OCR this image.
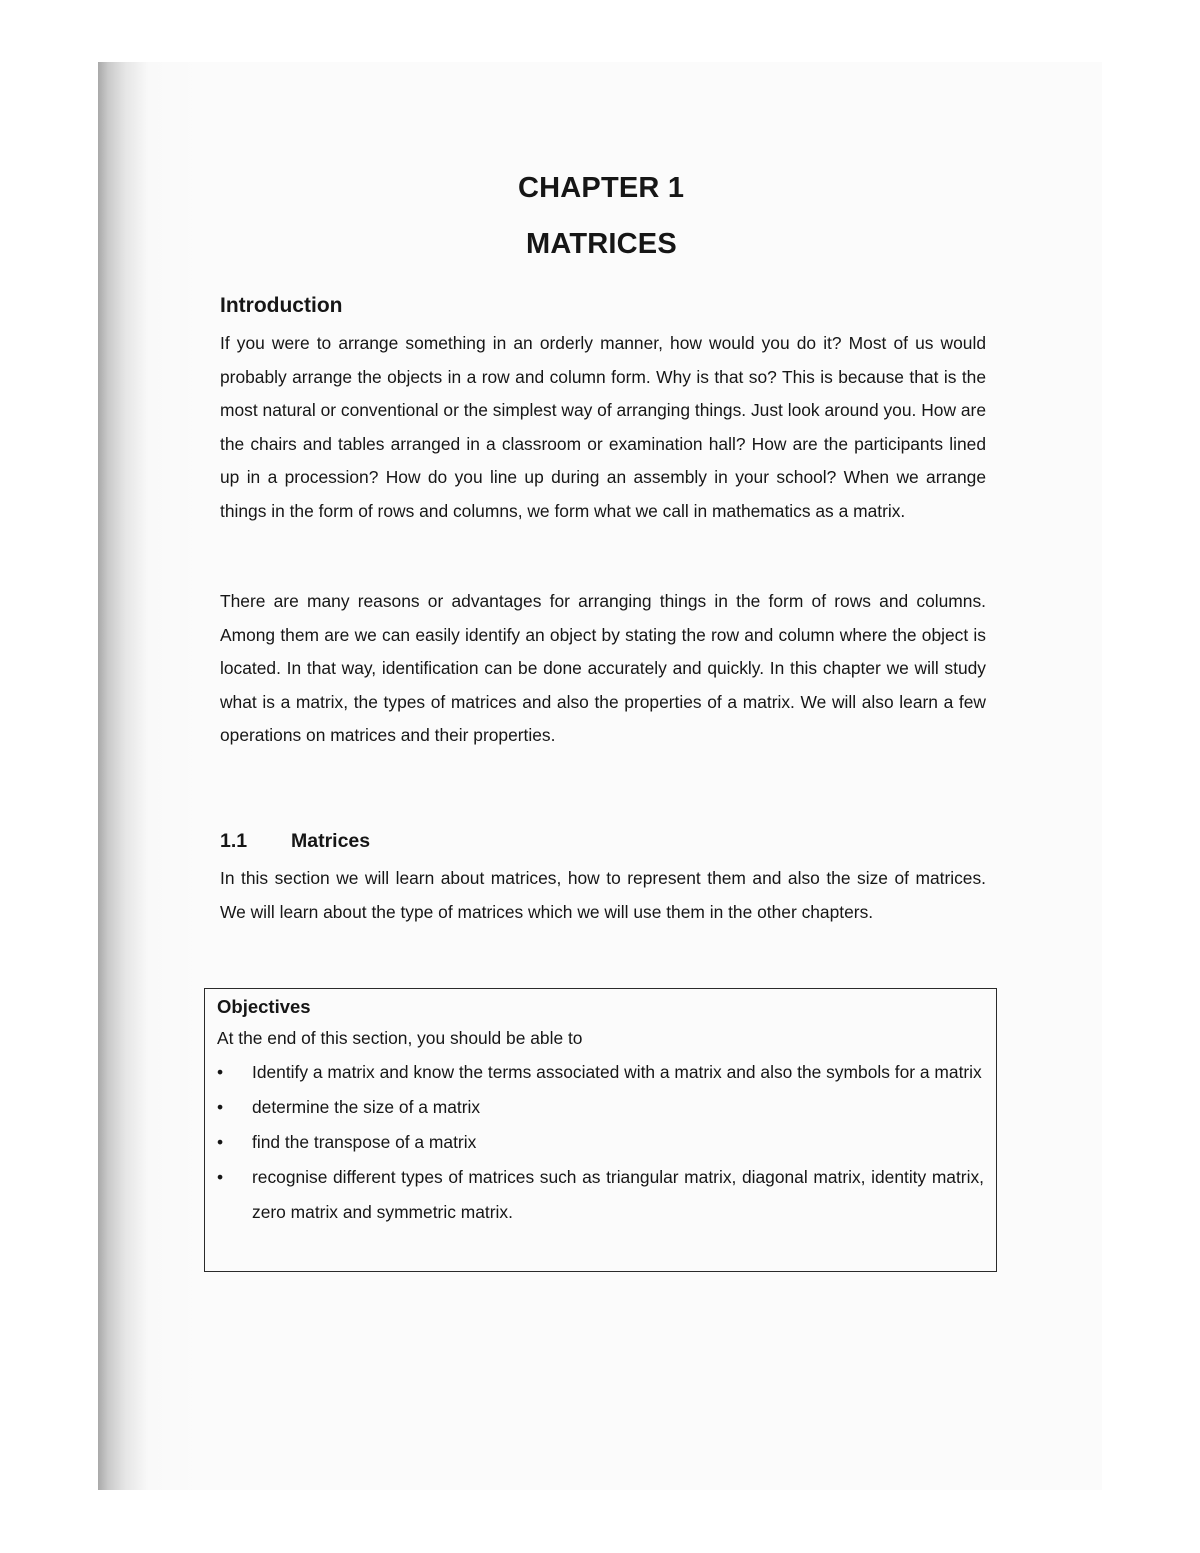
CHAPTER 1
MATRICES
Introduction

If you were to arrange something in an orderly manner, how would you do it? Most of us would probably arrange the objects in a row and column form. Why is that so? This is because that is the most natural or conventional or the simplest way of arranging things. Just look around you. How are the chairs and tables arranged in a classroom or examination hall? How are the participants lined up in a procession? How do you line up during an assembly in your school? When we arrange things in the form of rows and columns, we form what we call in mathematics as a matrix.

There are many reasons or advantages for arranging things in the form of rows and columns. Among them are we can easily identify an object by stating the row and column where the object is located. In that way, identification can be done accurately and quickly. In this chapter we will study what is a matrix, the types of matrices and also the properties of a matrix. We will also learn a few operations on matrices and their properties.

1.1 Matrices

In this section we will learn about matrices, how to represent them and also the size of matrices. We will learn about the type of matrices which we will use them in the other chapters.

Objectives
At the end of this section, you should be able to
• Identify a matrix and know the terms associated with a matrix and also the symbols for a matrix
• determine the size of a matrix
• find the transpose of a matrix
• recognise different types of matrices such as triangular matrix, diagonal matrix, identity matrix, zero matrix and symmetric matrix.
